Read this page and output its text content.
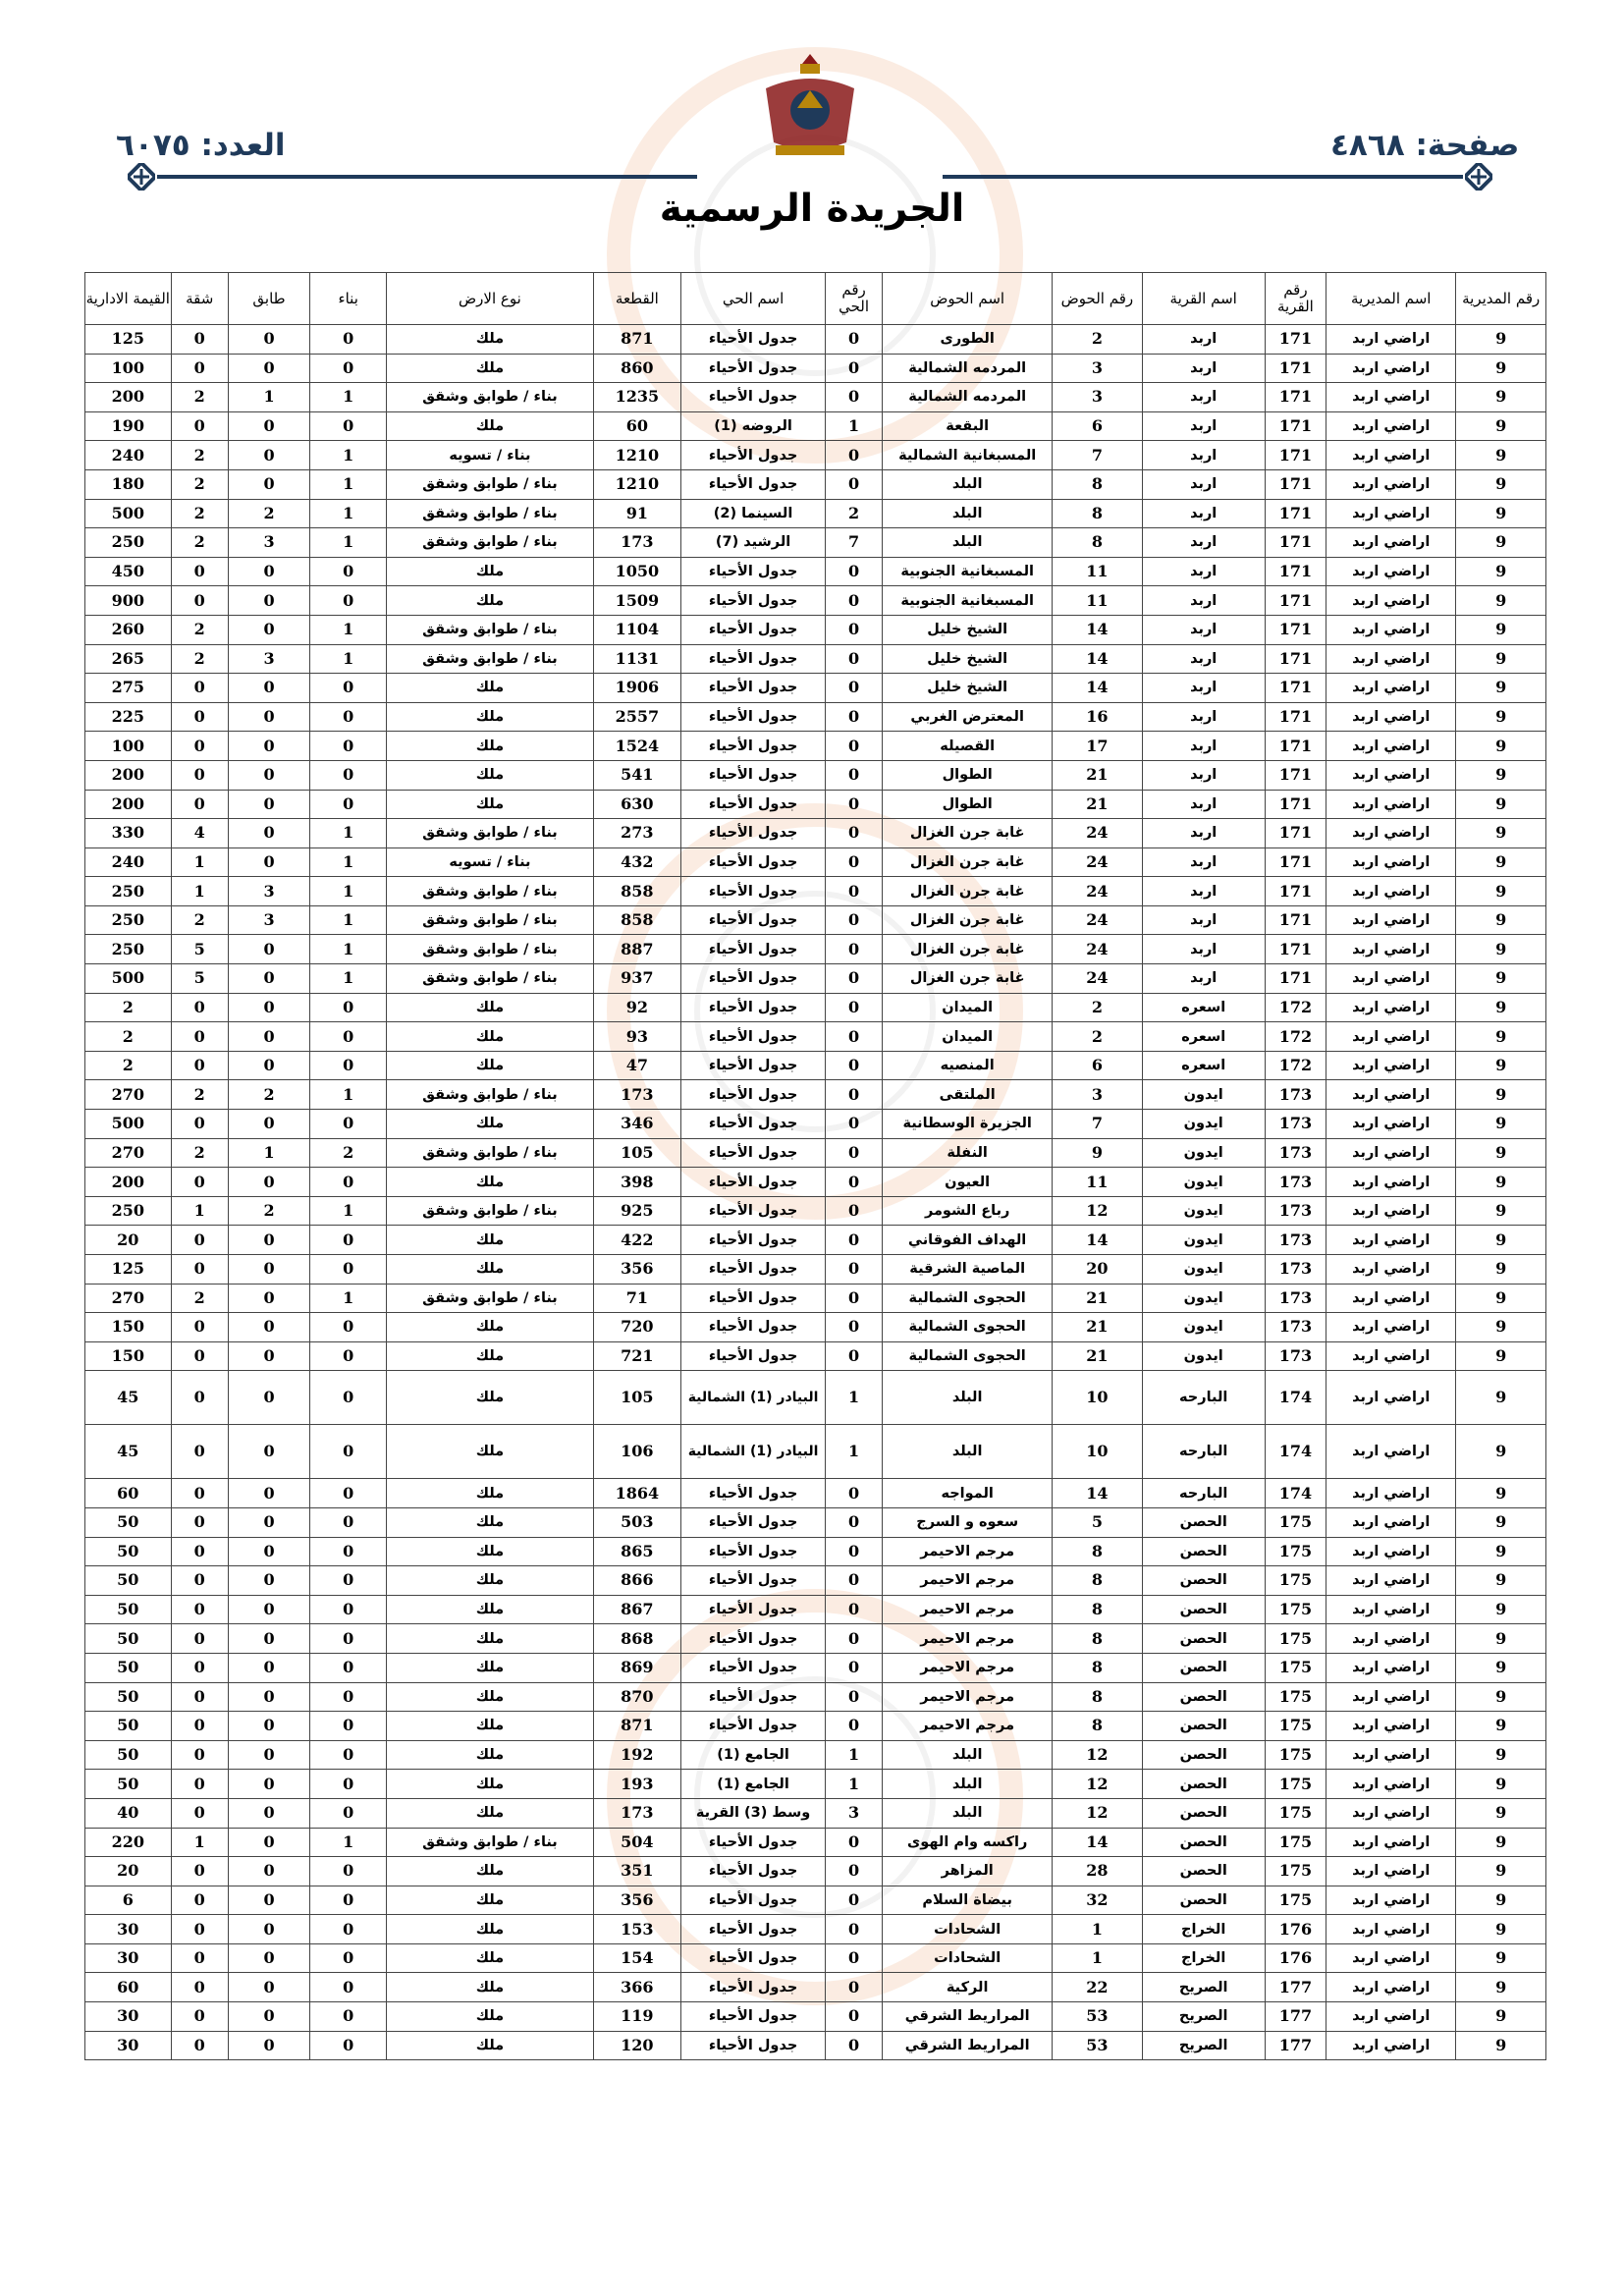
صفحة: ٤٨٦٨
العدد: ٦٠٧٥
الجريدة الرسمية
رقم المديرية	اسم المديرية	رقم القرية	اسم القرية	رقم الحوض	اسم الحوض	رقم الحي	اسم الحي	القطعة	نوع الارض	بناء	طابق	شقة	القيمة الادارية
9	اراضي اربد	171	اربد	2	الطورى	0	جدول الأحياء	871	ملك	0	0	0	125
9	اراضي اربد	171	اربد	3	المردمه الشمالية	0	جدول الأحياء	860	ملك	0	0	0	100
9	اراضي اربد	171	اربد	3	المردمه الشمالية	0	جدول الأحياء	1235	بناء / طوابق وشقق	1	1	2	200
9	اراضي اربد	171	اربد	6	البقعة	1	الروضه (1)	60	ملك	0	0	0	190
9	اراضي اربد	171	اربد	7	المسبغانية الشمالية	0	جدول الأحياء	1210	بناء / تسويه	1	0	2	240
9	اراضي اربد	171	اربد	8	البلد	0	جدول الأحياء	1210	بناء / طوابق وشقق	1	0	2	180
9	اراضي اربد	171	اربد	8	البلد	2	السينما (2)	91	بناء / طوابق وشقق	1	2	2	500
9	اراضي اربد	171	اربد	8	البلد	7	الرشيد (7)	173	بناء / طوابق وشقق	1	3	2	250
9	اراضي اربد	171	اربد	11	المسبغانية الجنوبية	0	جدول الأحياء	1050	ملك	0	0	0	450
9	اراضي اربد	171	اربد	11	المسبغانية الجنوبية	0	جدول الأحياء	1509	ملك	0	0	0	900
9	اراضي اربد	171	اربد	14	الشيخ خليل	0	جدول الأحياء	1104	بناء / طوابق وشقق	1	0	2	260
9	اراضي اربد	171	اربد	14	الشيخ خليل	0	جدول الأحياء	1131	بناء / طوابق وشقق	1	3	2	265
9	اراضي اربد	171	اربد	14	الشيخ خليل	0	جدول الأحياء	1906	ملك	0	0	0	275
9	اراضي اربد	171	اربد	16	المعترض الغربي	0	جدول الأحياء	2557	ملك	0	0	0	225
9	اراضي اربد	171	اربد	17	القصيله	0	جدول الأحياء	1524	ملك	0	0	0	100
9	اراضي اربد	171	اربد	21	الطوال	0	جدول الأحياء	541	ملك	0	0	0	200
9	اراضي اربد	171	اربد	21	الطوال	0	جدول الأحياء	630	ملك	0	0	0	200
9	اراضي اربد	171	اربد	24	غابة جرن الغزال	0	جدول الأحياء	273	بناء / طوابق وشقق	1	0	4	330
9	اراضي اربد	171	اربد	24	غابة جرن الغزال	0	جدول الأحياء	432	بناء / تسويه	1	0	1	240
9	اراضي اربد	171	اربد	24	غابة جرن الغزال	0	جدول الأحياء	858	بناء / طوابق وشقق	1	3	1	250
9	اراضي اربد	171	اربد	24	غابة جرن الغزال	0	جدول الأحياء	858	بناء / طوابق وشقق	1	3	2	250
9	اراضي اربد	171	اربد	24	غابة جرن الغزال	0	جدول الأحياء	887	بناء / طوابق وشقق	1	0	5	250
9	اراضي اربد	171	اربد	24	غابة جرن الغزال	0	جدول الأحياء	937	بناء / طوابق وشقق	1	0	5	500
9	اراضي اربد	172	اسعره	2	الميدان	0	جدول الأحياء	92	ملك	0	0	0	2
9	اراضي اربد	172	اسعره	2	الميدان	0	جدول الأحياء	93	ملك	0	0	0	2
9	اراضي اربد	172	اسعره	6	المنصيه	0	جدول الأحياء	47	ملك	0	0	0	2
9	اراضي اربد	173	ايدون	3	الملتقى	0	جدول الأحياء	173	بناء / طوابق وشقق	1	2	2	270
9	اراضي اربد	173	ايدون	7	الجزيرة الوسطانية	0	جدول الأحياء	346	ملك	0	0	0	500
9	اراضي اربد	173	ايدون	9	النفلة	0	جدول الأحياء	105	بناء / طوابق وشقق	2	1	2	270
9	اراضي اربد	173	ايدون	11	العيون	0	جدول الأحياء	398	ملك	0	0	0	200
9	اراضي اربد	173	ايدون	12	رباع الشومر	0	جدول الأحياء	925	بناء / طوابق وشقق	1	2	1	250
9	اراضي اربد	173	ايدون	14	الهداف الفوقاني	0	جدول الأحياء	422	ملك	0	0	0	20
9	اراضي اربد	173	ايدون	20	الماصية الشرقية	0	جدول الأحياء	356	ملك	0	0	0	125
9	اراضي اربد	173	ايدون	21	الحجوى الشمالية	0	جدول الأحياء	71	بناء / طوابق وشقق	1	0	2	270
9	اراضي اربد	173	ايدون	21	الحجوى الشمالية	0	جدول الأحياء	720	ملك	0	0	0	150
9	اراضي اربد	173	ايدون	21	الحجوى الشمالية	0	جدول الأحياء	721	ملك	0	0	0	150
9	اراضي اربد	174	البارحه	10	البلد	1	البيادر (1) الشمالية	105	ملك	0	0	0	45
9	اراضي اربد	174	البارحه	10	البلد	1	البيادر (1) الشمالية	106	ملك	0	0	0	45
9	اراضي اربد	174	البارحه	14	المواجه	0	جدول الأحياء	1864	ملك	0	0	0	60
9	اراضي اربد	175	الحصن	5	سعوه و السرج	0	جدول الأحياء	503	ملك	0	0	0	50
9	اراضي اربد	175	الحصن	8	مرجم الاحيمر	0	جدول الأحياء	865	ملك	0	0	0	50
9	اراضي اربد	175	الحصن	8	مرجم الاحيمر	0	جدول الأحياء	866	ملك	0	0	0	50
9	اراضي اربد	175	الحصن	8	مرجم الاحيمر	0	جدول الأحياء	867	ملك	0	0	0	50
9	اراضي اربد	175	الحصن	8	مرجم الاحيمر	0	جدول الأحياء	868	ملك	0	0	0	50
9	اراضي اربد	175	الحصن	8	مرجم الاحيمر	0	جدول الأحياء	869	ملك	0	0	0	50
9	اراضي اربد	175	الحصن	8	مرجم الاحيمر	0	جدول الأحياء	870	ملك	0	0	0	50
9	اراضي اربد	175	الحصن	8	مرجم الاحيمر	0	جدول الأحياء	871	ملك	0	0	0	50
9	اراضي اربد	175	الحصن	12	البلد	1	الجامع (1)	192	ملك	0	0	0	50
9	اراضي اربد	175	الحصن	12	البلد	1	الجامع (1)	193	ملك	0	0	0	50
9	اراضي اربد	175	الحصن	12	البلد	3	وسط (3) القرية	173	ملك	0	0	0	40
9	اراضي اربد	175	الحصن	14	راكسه وام الهوى	0	جدول الأحياء	504	بناء / طوابق وشقق	1	0	1	220
9	اراضي اربد	175	الحصن	28	المزاهر	0	جدول الأحياء	351	ملك	0	0	0	20
9	اراضي اربد	175	الحصن	32	بيضاة السلام	0	جدول الأحياء	356	ملك	0	0	0	6
9	اراضي اربد	176	الخراج	1	الشحادات	0	جدول الأحياء	153	ملك	0	0	0	30
9	اراضي اربد	176	الخراج	1	الشحادات	0	جدول الأحياء	154	ملك	0	0	0	30
9	اراضي اربد	177	الصريح	22	الركية	0	جدول الأحياء	366	ملك	0	0	0	60
9	اراضي اربد	177	الصريح	53	المراريط الشرقي	0	جدول الأحياء	119	ملك	0	0	0	30
9	اراضي اربد	177	الصريح	53	المراريط الشرقي	0	جدول الأحياء	120	ملك	0	0	0	30
